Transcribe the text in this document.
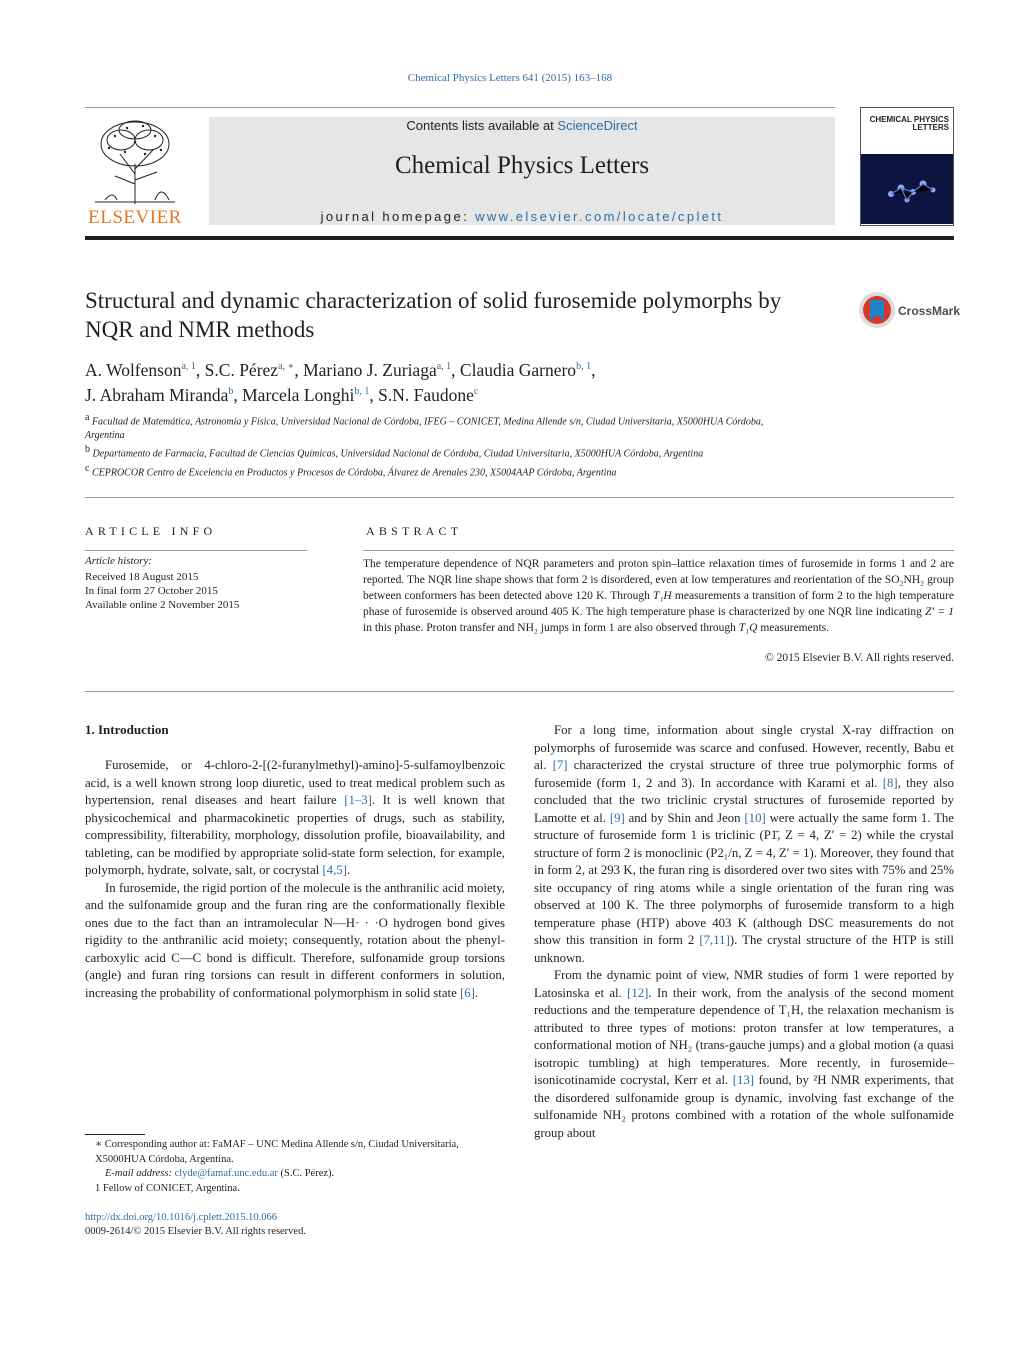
Chemical Physics Letters 641 (2015) 163–168
ELSEVIER
Contents lists available at ScienceDirect
Chemical Physics Letters
journal homepage: www.elsevier.com/locate/cplett
CHEMICAL PHYSICS LETTERS
Structural and dynamic characterization of solid furosemide polymorphs by NQR and NMR methods
CrossMark
A. Wolfenson$^{a, 1}$, S.C. Pérez$^{a, ∗}$, Mariano J. Zuriaga$^{a, 1}$, Claudia Garnero$^{b, 1}$,
J. Abraham Miranda$^b$, Marcela Longhi$^{b, 1}$, S.N. Faudone$^c$
$^a$ Facultad de Matemática, Astronomía y Física, Universidad Nacional de Córdoba, IFEG – CONICET, Medina Allende s/n, Ciudad Universitaria, X5000HUA Córdoba, Argentina
$^b$ Departamento de Farmacia, Facultad de Ciencias Químicas, Universidad Nacional de Córdoba, Ciudad Universitaria, X5000HUA Córdoba, Argentina
$^c$ CEPROCOR Centro de Excelencia en Productos y Procesos de Córdoba, Álvarez de Arenales 230, X5004AAP Córdoba, Argentina
ARTICLE INFO	ABSTRACT
Article history:
Received 18 August 2015
In final form 27 October 2015
Available online 2 November 2015
The temperature dependence of NQR parameters and proton spin–lattice relaxation times of furosemide in forms 1 and 2 are reported. The NQR line shape shows that form 2 is disordered, even at low temperatures and reorientation of the SO₂NH₂ group between conformers has been detected above 120 K. Through T₁H measurements a transition of form 2 to the high temperature phase of furosemide is observed around 405 K. The high temperature phase is characterized by one NQR line indicating Z′ = 1 in this phase. Proton transfer and NH₂ jumps in form 1 are also observed through T₁Q measurements.
© 2015 Elsevier B.V. All rights reserved.
1. Introduction

Furosemide, or 4-chloro-2-[(2-furanylmethyl)-amino]-5-sulfamoylbenzoic acid, is a well known strong loop diuretic, used to treat medical problem such as hypertension, renal diseases and heart failure [1–3]. It is well known that physicochemical and pharmacokinetic properties of drugs, such as stability, compressibility, filterability, morphology, dissolution profile, bioavailability, and tableting, can be modified by appropriate solid-state form selection, for example, polymorph, hydrate, solvate, salt, or cocrystal [4,5].

In furosemide, the rigid portion of the molecule is the anthranilic acid moiety, and the sulfonamide group and the furan ring are the conformationally flexible ones due to the fact than an intramolecular N—H· · ·O hydrogen bond gives rigidity to the anthranilic acid moiety; consequently, rotation about the phenyl-carboxylic acid C—C bond is difficult. Therefore, sulfonamide group torsions (angle) and furan ring torsions can result in different conformers in solution, increasing the probability of conformational polymorphism in solid state [6].

For a long time, information about single crystal X-ray diffraction on polymorphs of furosemide was scarce and confused. However, recently, Babu et al. [7] characterized the crystal structure of three true polymorphic forms of furosemide (form 1, 2 and 3). In accordance with Karami et al. [8], they also concluded that the two triclinic crystal structures of furosemide reported by Lamotte et al. [9] and by Shin and Jeon [10] were actually the same form 1. The structure of furosemide form 1 is triclinic (P1̄, Z = 4, Z′ = 2) while the crystal structure of form 2 is monoclinic (P2₁/n, Z = 4, Z′ = 1). Moreover, they found that in form 2, at 293 K, the furan ring is disordered over two sites with 75% and 25% site occupancy of ring atoms while a single orientation of the furan ring was observed at 100 K. The three polymorphs of furosemide transform to a high temperature phase (HTP) above 403 K (although DSC measurements do not show this transition in form 2 [7,11]). The crystal structure of the HTP is still unknown.

From the dynamic point of view, NMR studies of form 1 were reported by Latosinska et al. [12]. In their work, from the analysis of the second moment reductions and the temperature dependence of T₁H, the relaxation mechanism is attributed to three types of motions: proton transfer at low temperatures, a conformational motion of NH₂ (trans-gauche jumps) and a global motion (a quasi isotropic tumbling) at high temperatures. More recently, in furosemide–isonicotinamide cocrystal, Kerr et al. [13] found, by ²H NMR experiments, that the disordered sulfonamide group is dynamic, involving fast exchange of the sulfonamide NH₂ protons combined with a rotation of the whole sulfonamide group about

∗ Corresponding author at: FaMAF – UNC Medina Allende s/n, Ciudad Universitaria, X5000HUA Córdoba, Argentina.
E-mail address: clyde@famaf.unc.edu.ar (S.C. Pérez).
1 Fellow of CONICET, Argentina.
http://dx.doi.org/10.1016/j.cplett.2015.10.066
0009-2614/© 2015 Elsevier B.V. All rights reserved.
